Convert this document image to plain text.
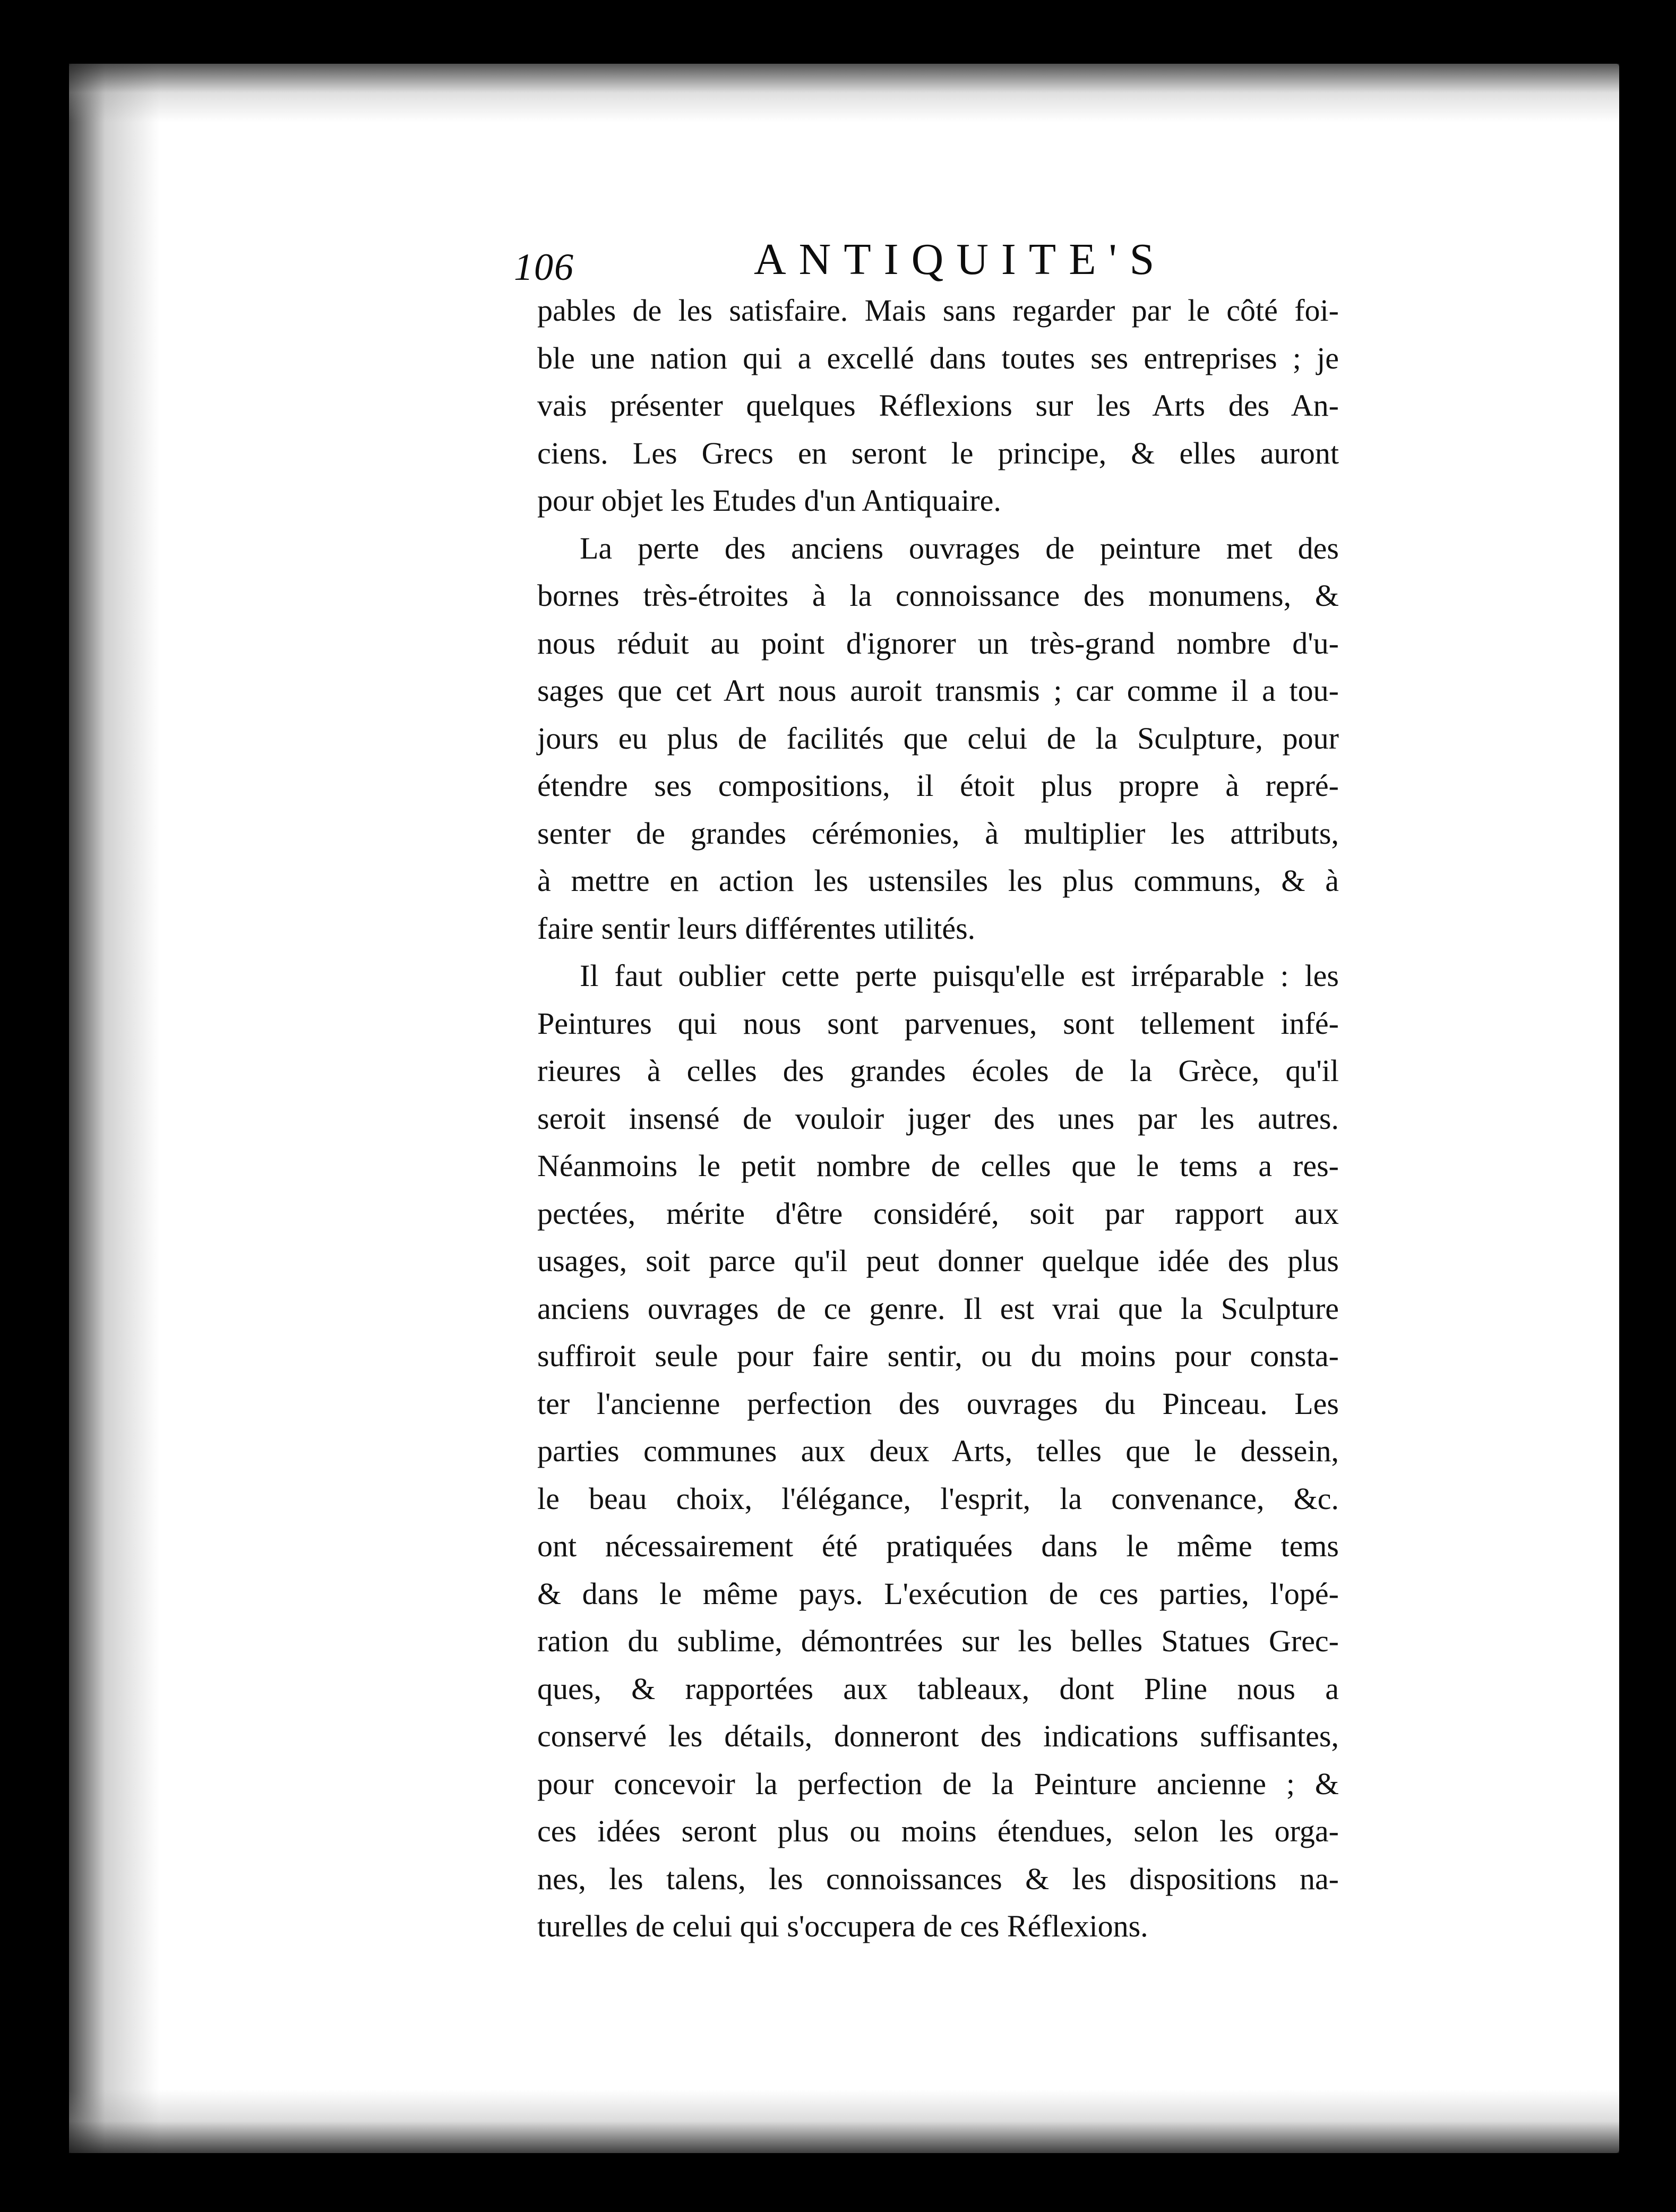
106	ANTIQUITE'S
pables de les satisfaire. Mais sans regarder par le côté foi-
ble une nation qui a excellé dans toutes ses entreprises ; je
vais présenter quelques Réflexions sur les Arts des An-
ciens. Les Grecs en seront le principe, & elles auront
pour objet les Etudes d'un Antiquaire.
La perte des anciens ouvrages de peinture met des
bornes très-étroites à la connoissance des monumens, &
nous réduit au point d'ignorer un très-grand nombre d'u-
sages que cet Art nous auroit transmis ; car comme il a tou-
jours eu plus de facilités que celui de la Sculpture, pour
étendre ses compositions, il étoit plus propre à repré-
senter de grandes cérémonies, à multiplier les attributs,
à mettre en action les ustensiles les plus communs, & à
faire sentir leurs différentes utilités.
Il faut oublier cette perte puisqu'elle est irréparable : les
Peintures qui nous sont parvenues, sont tellement infé-
rieures à celles des grandes écoles de la Grèce, qu'il
seroit insensé de vouloir juger des unes par les autres.
Néanmoins le petit nombre de celles que le tems a res-
pectées, mérite d'être considéré, soit par rapport aux
usages, soit parce qu'il peut donner quelque idée des plus
anciens ouvrages de ce genre. Il est vrai que la Sculpture
suffiroit seule pour faire sentir, ou du moins pour consta-
ter l'ancienne perfection des ouvrages du Pinceau. Les
parties communes aux deux Arts, telles que le dessein,
le beau choix, l'élégance, l'esprit, la convenance, &c.
ont nécessairement été pratiquées dans le même tems
& dans le même pays. L'exécution de ces parties, l'opé-
ration du sublime, démontrées sur les belles Statues Grec-
ques, & rapportées aux tableaux, dont Pline nous a
conservé les détails, donneront des indications suffisantes,
pour concevoir la perfection de la Peinture ancienne ; &
ces idées seront plus ou moins étendues, selon les orga-
nes, les talens, les connoissances & les dispositions na-
turelles de celui qui s'occupera de ces Réflexions.
